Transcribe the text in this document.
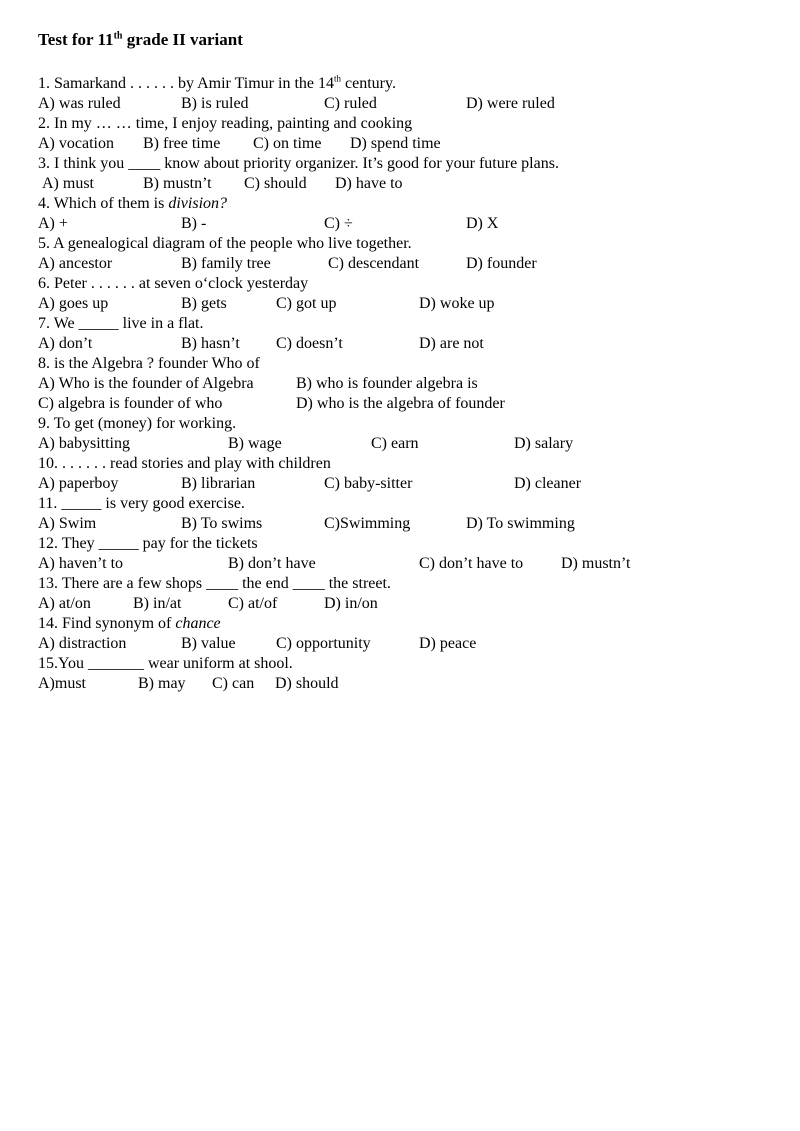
Test for 11th grade II variant
1. Samarkand . . . . . . by Amir Timur in the 14th century.
A) was ruled	B) is ruled	C) ruled	D) were ruled
2. In my … … time, I enjoy reading, painting and cooking
A) vocation B) free time C) on time D) spend time
3. I think you ____ know about priority organizer. It’s good for your future plans.
A) must	B) mustn’t C) should D) have to
4. Which of them is division?
A) +	B) -	C) ÷	D) X
5. A genealogical diagram of the people who live together.
A) ancestor	B) family tree	C) descendant	D) founder
6. Peter . . . . . . at seven o‘clock yesterday
A) goes up	B) gets	C) got up	D) woke up
7. We _____ live in a flat.
A) don’t	B) hasn’t C) doesn’t	D) are not
8. is the Algebra ? founder Who of
A) Who is the founder of Algebra	B) who is founder algebra is
C) algebra is founder of who	D) who is the algebra of founder
9. To get (money) for working.
A) babysitting	B) wage	C) earn	D) salary
10. . . . . . . read stories and play with children
A) paperboy	B) librarian	C) baby-sitter	D) cleaner
11. _____ is very good exercise.
A) Swim	B) To swims	C)Swimming	D) To swimming
12. They _____ pay for the tickets
A) haven’t to	B) don’t have	C) don’t have to D) mustn’t
13. There are a few shops ____ the end ____ the street.
A) at/on	B) in/at	C) at/of	D) in/on
14. Find synonym of chance
A) distraction	B) value	C) opportunity	D) peace
15.You _______ wear uniform at shool.
A)must	B) may C) can D) should
